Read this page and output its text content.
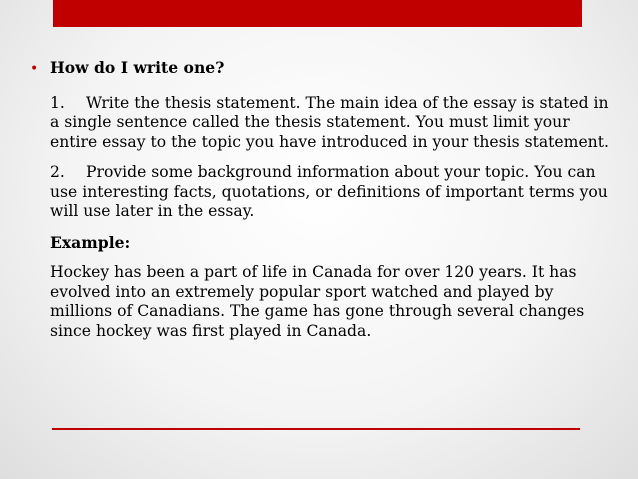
• How do I write one?
1. Write the thesis statement. The main idea of the essay is stated in a single sentence called the thesis statement. You must limit your entire essay to the topic you have introduced in your thesis statement.
2. Provide some background information about your topic. You can use interesting facts, quotations, or definitions of important terms you will use later in the essay.
Example:
Hockey has been a part of life in Canada for over 120 years. It has evolved into an extremely popular sport watched and played by millions of Canadians. The game has gone through several changes since hockey was first played in Canada.
